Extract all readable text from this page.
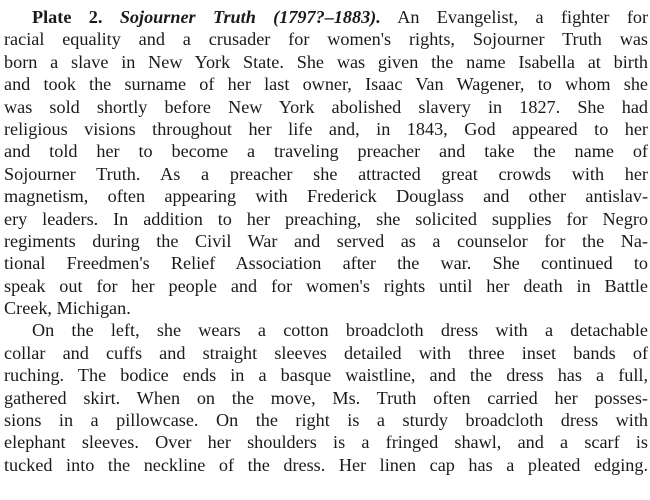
Plate 2. Sojourner Truth (1797?–1883). An Evangelist, a fighter for
racial equality and a crusader for women's rights, Sojourner Truth was
born a slave in New York State. She was given the name Isabella at birth
and took the surname of her last owner, Isaac Van Wagener, to whom she
was sold shortly before New York abolished slavery in 1827. She had
religious visions throughout her life and, in 1843, God appeared to her
and told her to become a traveling preacher and take the name of
Sojourner Truth. As a preacher she attracted great crowds with her
magnetism, often appearing with Frederick Douglass and other antislav-
ery leaders. In addition to her preaching, she solicited supplies for Negro
regiments during the Civil War and served as a counselor for the Na-
tional Freedmen's Relief Association after the war. She continued to
speak out for her people and for women's rights until her death in Battle
Creek, Michigan.
On the left, she wears a cotton broadcloth dress with a detachable
collar and cuffs and straight sleeves detailed with three inset bands of
ruching. The bodice ends in a basque waistline, and the dress has a full,
gathered skirt. When on the move, Ms. Truth often carried her posses-
sions in a pillowcase. On the right is a sturdy broadcloth dress with
elephant sleeves. Over her shoulders is a fringed shawl, and a scarf is
tucked into the neckline of the dress. Her linen cap has a pleated edging.
